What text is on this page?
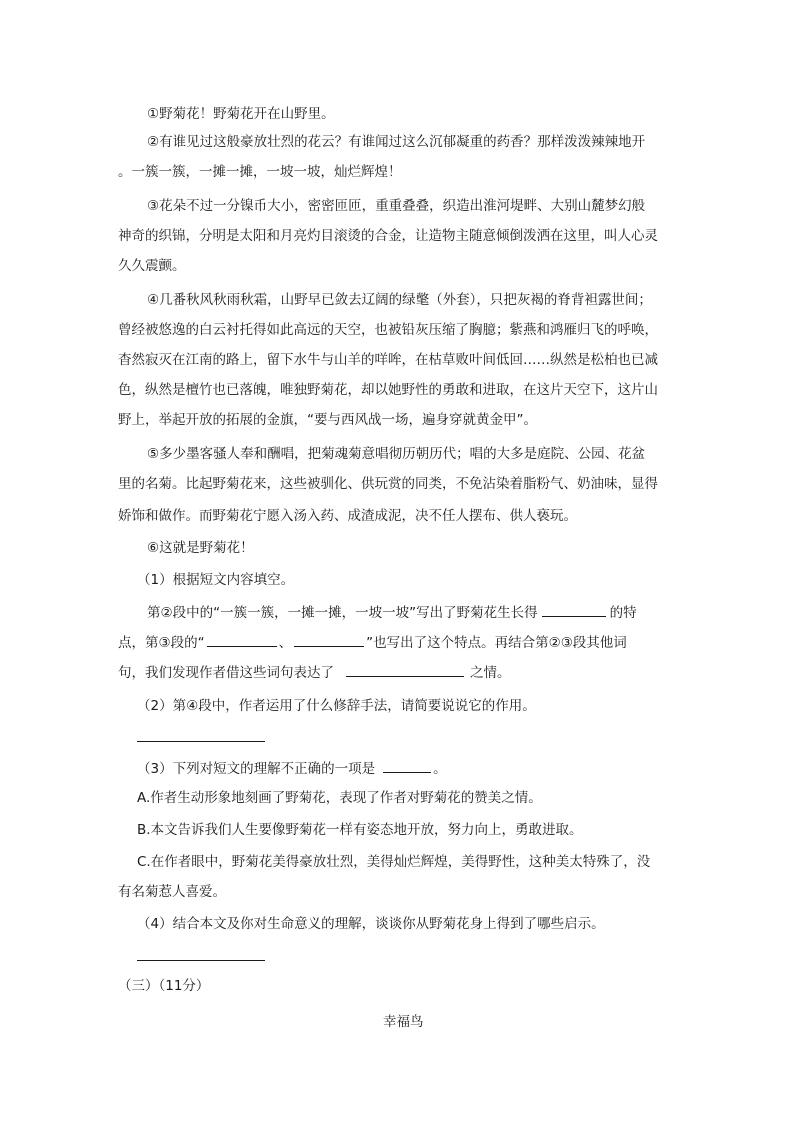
①野菊花！野菊花开在山野里。
②有谁见过这般豪放壮烈的花云？有谁闻过这么沉郁凝重的药香？那样泼泼辣辣地开
。一簇一簇，一摊一摊，一坡一坡，灿烂辉煌！
③花朵不过一分镍币大小，密密匝匝，重重叠叠，织造出淮河堤畔、大别山麓梦幻般
神奇的织锦，分明是太阳和月亮灼目滚烫的合金，让造物主随意倾倒泼洒在这里，叫人心灵
久久震颤。
④几番秋风秋雨秋霜，山野早已敛去辽阔的绿氅（外套），只把灰褐的脊背袒露世间；
曾经被悠逸的白云衬托得如此高远的天空，也被铅灰压缩了胸臆；紫燕和鸿雁归飞的呼唤，
杳然寂灭在江南的路上，留下水牛与山羊的咩哞，在枯草败叶间低回……纵然是松柏也已减
色，纵然是檀竹也已落魄，唯独野菊花，却以她野性的勇敢和进取，在这片天空下，这片山
野上，举起开放的拓展的金旗，“要与西风战一场，遍身穿就黄金甲”。
⑤多少墨客骚人奉和酬唱，把菊魂菊意唱彻历朝历代；唱的大多是庭院、公园、花盆
里的名菊。比起野菊花来，这些被驯化、供玩赏的同类，不免沾染着脂粉气、奶油味，显得
娇饰和做作。而野菊花宁愿入汤入药、成渣成泥，决不任人摆布、供人亵玩。
⑥这就是野菊花！
（1）根据短文内容填空。
第②段中的“一簇一簇，一摊一摊，一坡一坡”写出了野菊花生长得	的特
点，第③段的“	、	”也写出了这个特点。再结合第②③段其他词
句，我们发现作者借这些词句表达了	之情。
（2）第④段中，作者运用了什么修辞手法，请简要说说它的作用。
（3）下列对短文的理解不正确的一项是	。
A.作者生动形象地刻画了野菊花，表现了作者对野菊花的赞美之情。
B.本文告诉我们人生要像野菊花一样有姿态地开放，努力向上，勇敢进取。
C.在作者眼中，野菊花美得豪放壮烈，美得灿烂辉煌，美得野性，这种美太特殊了，没
有名菊惹人喜爱。
（4）结合本文及你对生命意义的理解，谈谈你从野菊花身上得到了哪些启示。
（三）（11分）
幸福鸟
